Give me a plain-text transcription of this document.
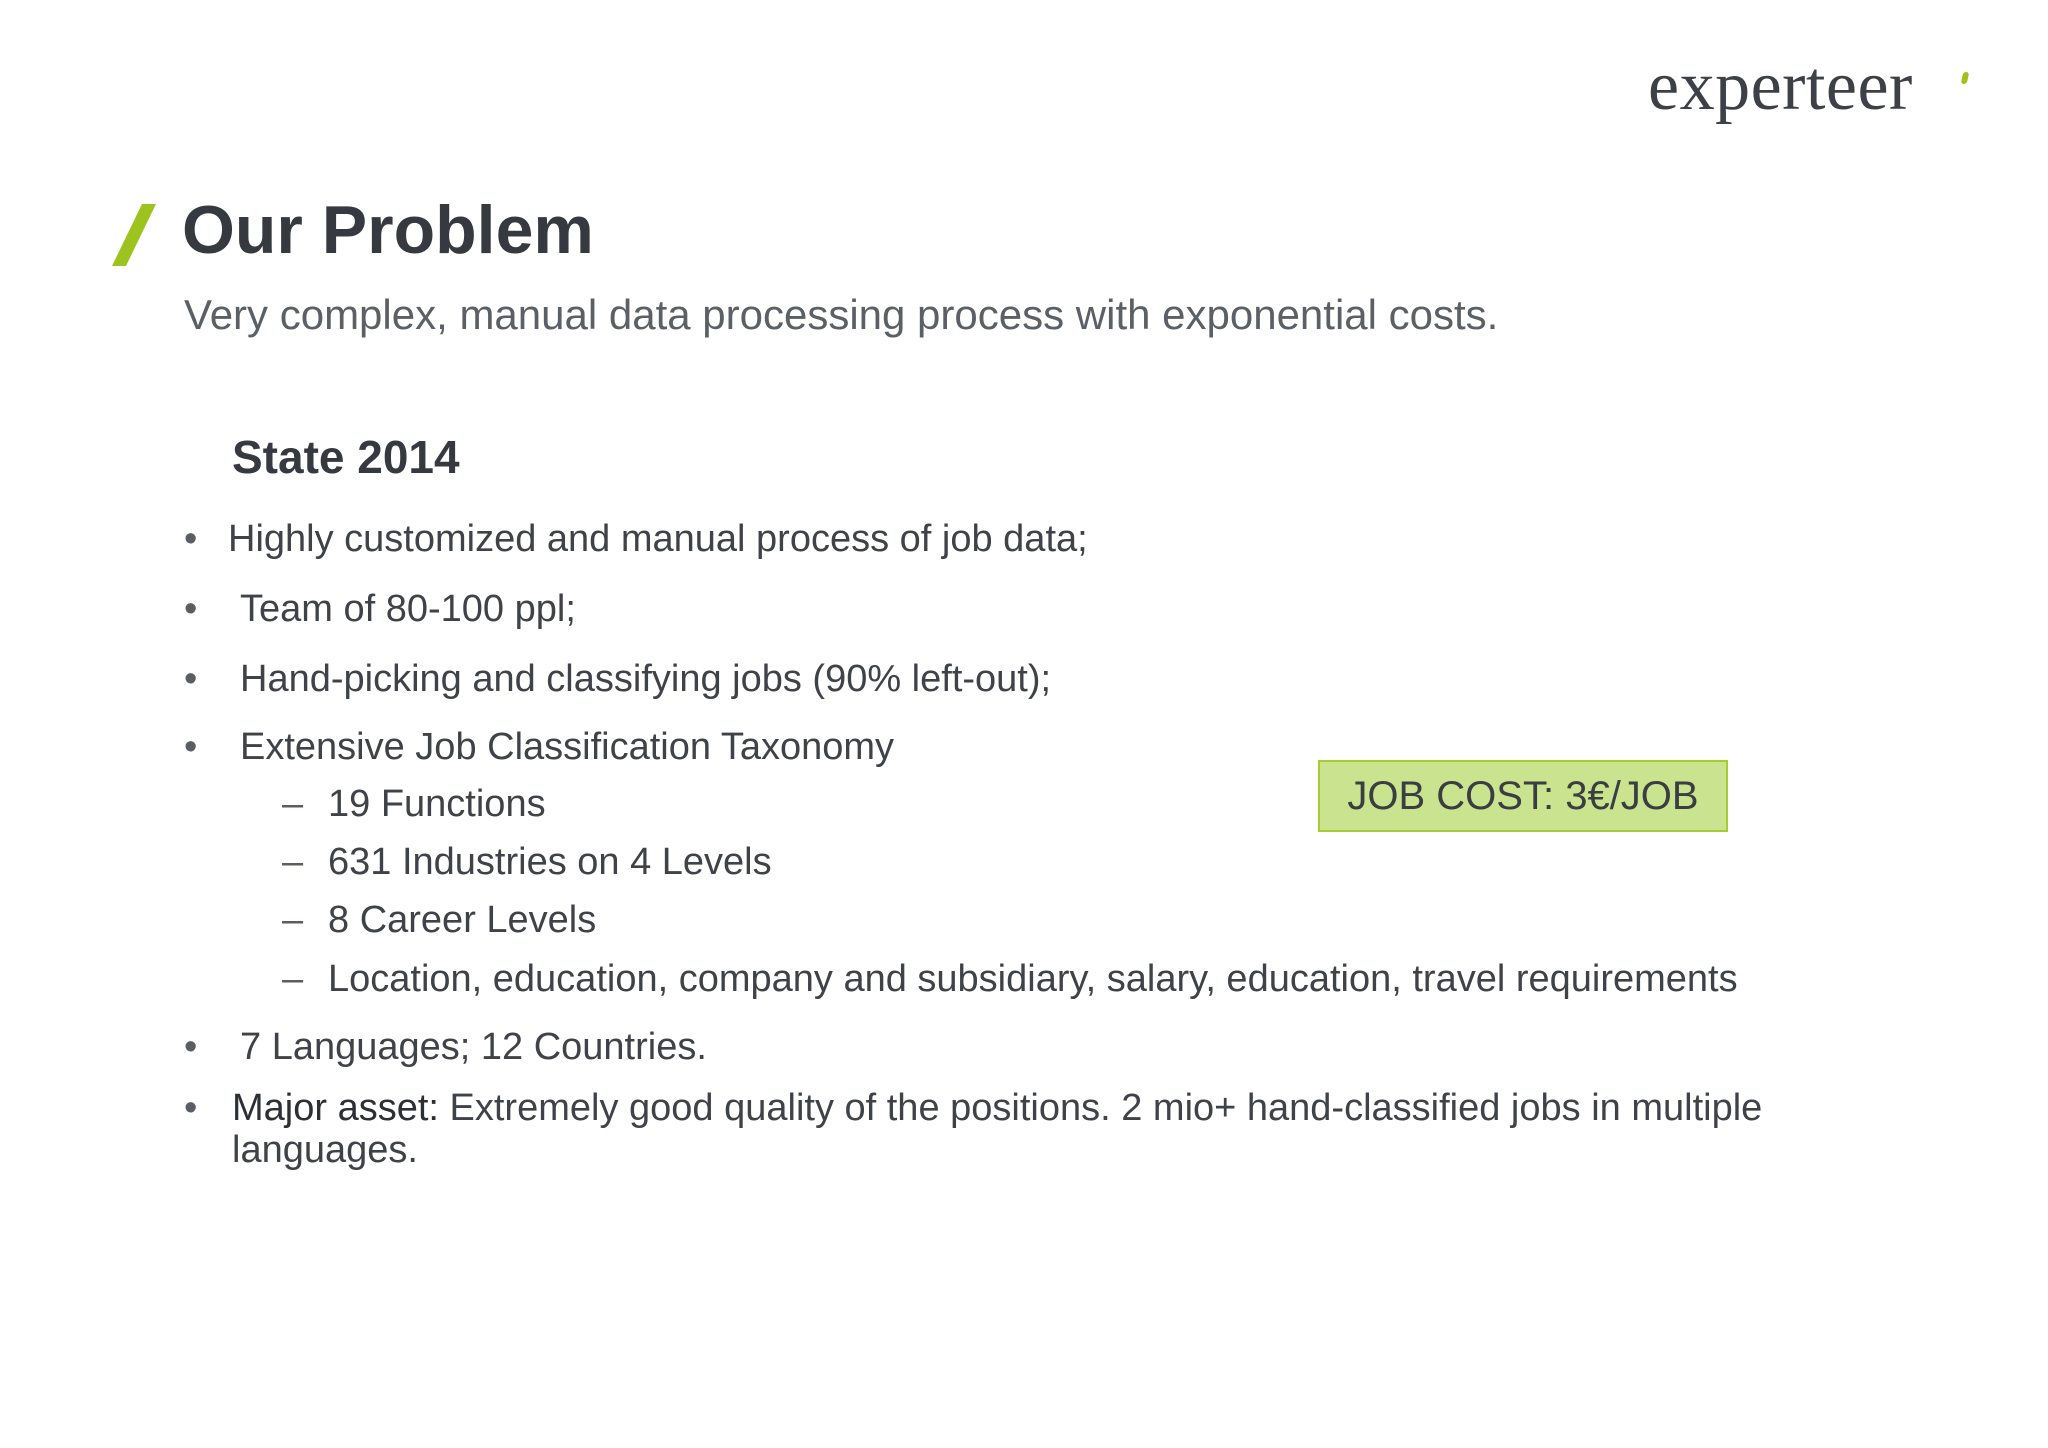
experteer
Our Problem

Very complex, manual data processing process with exponential costs.

State 2014
• Highly customized and manual process of job data;
•	Team of 80-100 ppl;
•	Hand-picking and classifying jobs (90% left-out);
•	Extensive Job Classification Taxonomy
– 19 Functions
– 631 Industries on 4 Levels
– 8 Career Levels
– Location, education, company and subsidiary, salary, education, travel requirements
•	7 Languages; 12 Countries.
• Major asset: Extremely good quality of the positions. 2 mio+ hand-classified jobs in multiple languages.
JOB COST: 3€/JOB
